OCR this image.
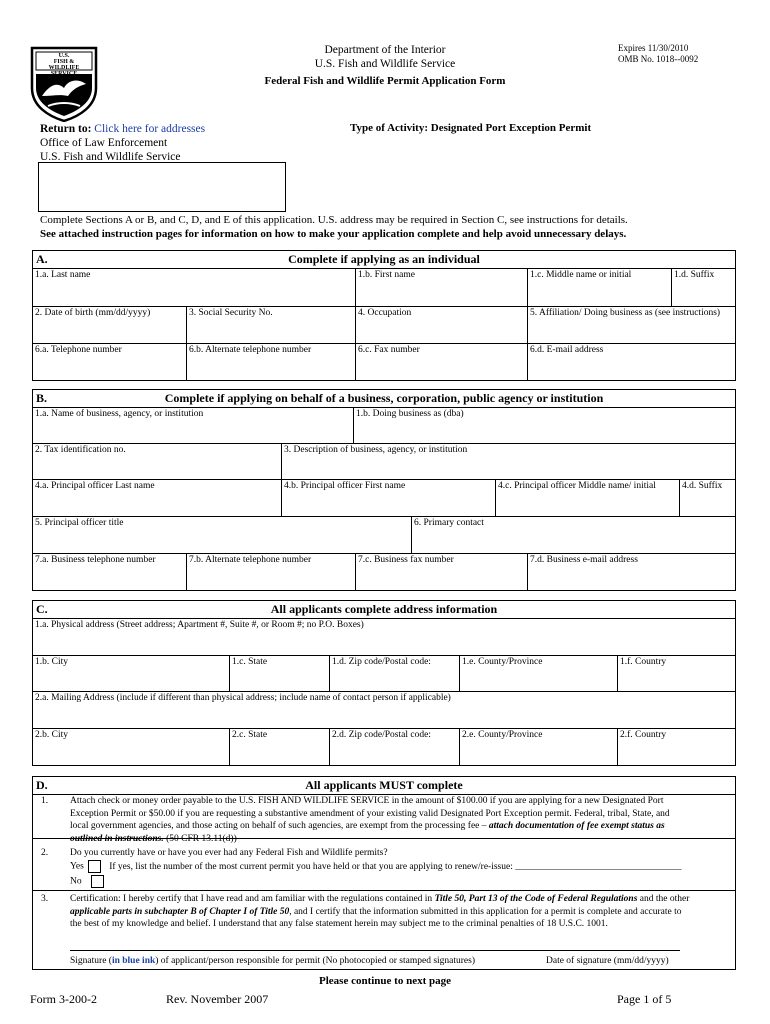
U.S.
FISH & WILDLIFE
SERVICE
Department of the Interior
U.S. Fish and Wildlife Service
Expires 11/30/2010
OMB No. 1018--0092
Federal Fish and Wildlife Permit Application Form
Return to: Click here for addresses
Office of Law Enforcement
U.S. Fish and Wildlife Service
Type of Activity: Designated Port Exception Permit
Complete Sections A or B, and C, D, and E of this application. U.S. address may be required in Section C, see instructions for details.
See attached instruction pages for information on how to make your application complete and help avoid unnecessary delays.
A.	Complete if applying as an individual
1.a. Last name	1.b. First name	1.c. Middle name or initial	1.d. Suffix
2. Date of birth (mm/dd/yyyy)	3. Social Security No.	4. Occupation	5. Affiliation/ Doing business as (see instructions)
6.a. Telephone number	6.b. Alternate telephone number	6.c. Fax number	6.d. E-mail address
B.	Complete if applying on behalf of a business, corporation, public agency or institution
1.a. Name of business, agency, or institution	1.b. Doing business as (dba)
2. Tax identification no.	3. Description of business, agency, or institution
4.a. Principal officer Last name	4.b. Principal officer First name	4.c. Principal officer Middle name/ initial	4.d. Suffix
5. Principal officer title	6. Primary contact
7.a. Business telephone number	7.b. Alternate telephone number	7.c. Business fax number	7.d. Business e-mail address
C.	All applicants complete address information
1.a. Physical address (Street address; Apartment #, Suite #, or Room #; no P.O. Boxes)
1.b. City	1.c. State	1.d. Zip code/Postal code:	1.e. County/Province	1.f. Country
2.a. Mailing Address (include if different than physical address; include name of contact person if applicable)
2.b. City	2.c. State	2.d. Zip code/Postal code:	2.e. County/Province	2.f. Country
D.	All applicants MUST complete
1. Attach check or money order payable to the U.S. FISH AND WILDLIFE SERVICE in the amount of $100.00 if you are applying for a new Designated Port
Exception Permit or $50.00 if you are requesting a substantive amendment of your existing valid Designated Port Exception permit. Federal, tribal, State, and
local government agencies, and those acting on behalf of such agencies, are exempt from the processing fee – attach documentation of fee exempt status as
outlined in instructions. (50 CFR 13.11(d))
2. Do you currently have or have you ever had any Federal Fish and Wildlife permits?
Yes	If yes, list the number of the most current permit you have held or that you are applying to renew/re-issue: ___________________________________
No
3. Certification: I hereby certify that I have read and am familiar with the regulations contained in Title 50, Part 13 of the Code of Federal Regulations and the other
applicable parts in subchapter B of Chapter I of Title 50, and I certify that the information submitted in this application for a permit is complete and accurate to
the best of my knowledge and belief. I understand that any false statement herein may subject me to the criminal penalties of 18 U.S.C. 1001.
Signature (in blue ink) of applicant/person responsible for permit (No photocopied or stamped signatures)	Date of signature (mm/dd/yyyy)
Please continue to next page
Form 3-200-2	Rev. November 2007	Page 1 of 5
